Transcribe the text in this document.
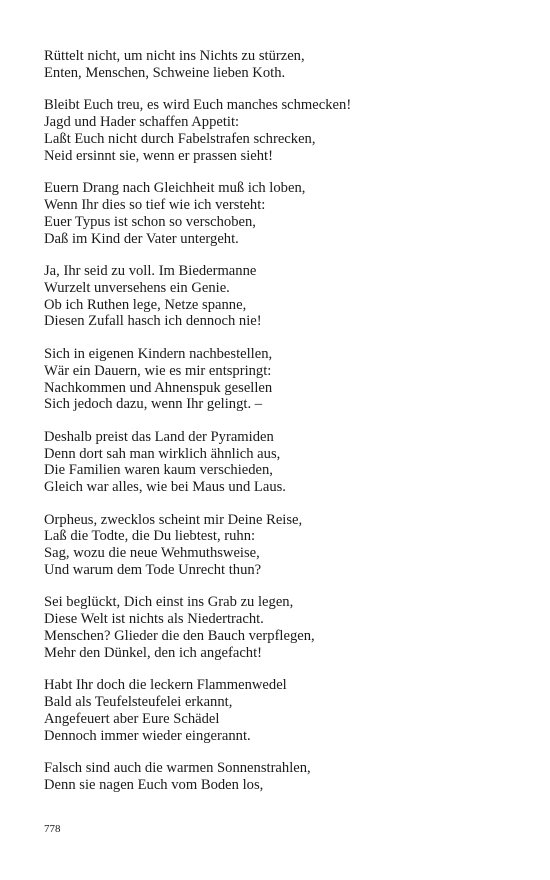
Rüttelt nicht, um nicht ins Nichts zu stürzen,
Enten, Menschen, Schweine lieben Koth.
Bleibt Euch treu, es wird Euch manches schmecken!
Jagd und Hader schaffen Appetit:
Laßt Euch nicht durch Fabelstrafen schrecken,
Neid ersinnt sie, wenn er prassen sieht!
Euern Drang nach Gleichheit muß ich loben,
Wenn Ihr dies so tief wie ich versteht:
Euer Typus ist schon so verschoben,
Daß im Kind der Vater untergeht.
Ja, Ihr seid zu voll. Im Biedermanne
Wurzelt unversehens ein Genie.
Ob ich Ruthen lege, Netze spanne,
Diesen Zufall hasch ich dennoch nie!
Sich in eigenen Kindern nachbestellen,
Wär ein Dauern, wie es mir entspringt:
Nachkommen und Ahnenspuk gesellen
Sich jedoch dazu, wenn Ihr gelingt. –
Deshalb preist das Land der Pyramiden
Denn dort sah man wirklich ähnlich aus,
Die Familien waren kaum verschieden,
Gleich war alles, wie bei Maus und Laus.
Orpheus, zwecklos scheint mir Deine Reise,
Laß die Todte, die Du liebtest, ruhn:
Sag, wozu die neue Wehmuthsweise,
Und warum dem Tode Unrecht thun?
Sei beglückt, Dich einst ins Grab zu legen,
Diese Welt ist nichts als Niedertracht.
Menschen? Glieder die den Bauch verpflegen,
Mehr den Dünkel, den ich angefacht!
Habt Ihr doch die leckern Flammenwedel
Bald als Teufelsteufelei erkannt,
Angefeuert aber Eure Schädel
Dennoch immer wieder eingerannt.
Falsch sind auch die warmen Sonnenstrahlen,
Denn sie nagen Euch vom Boden los,
778
